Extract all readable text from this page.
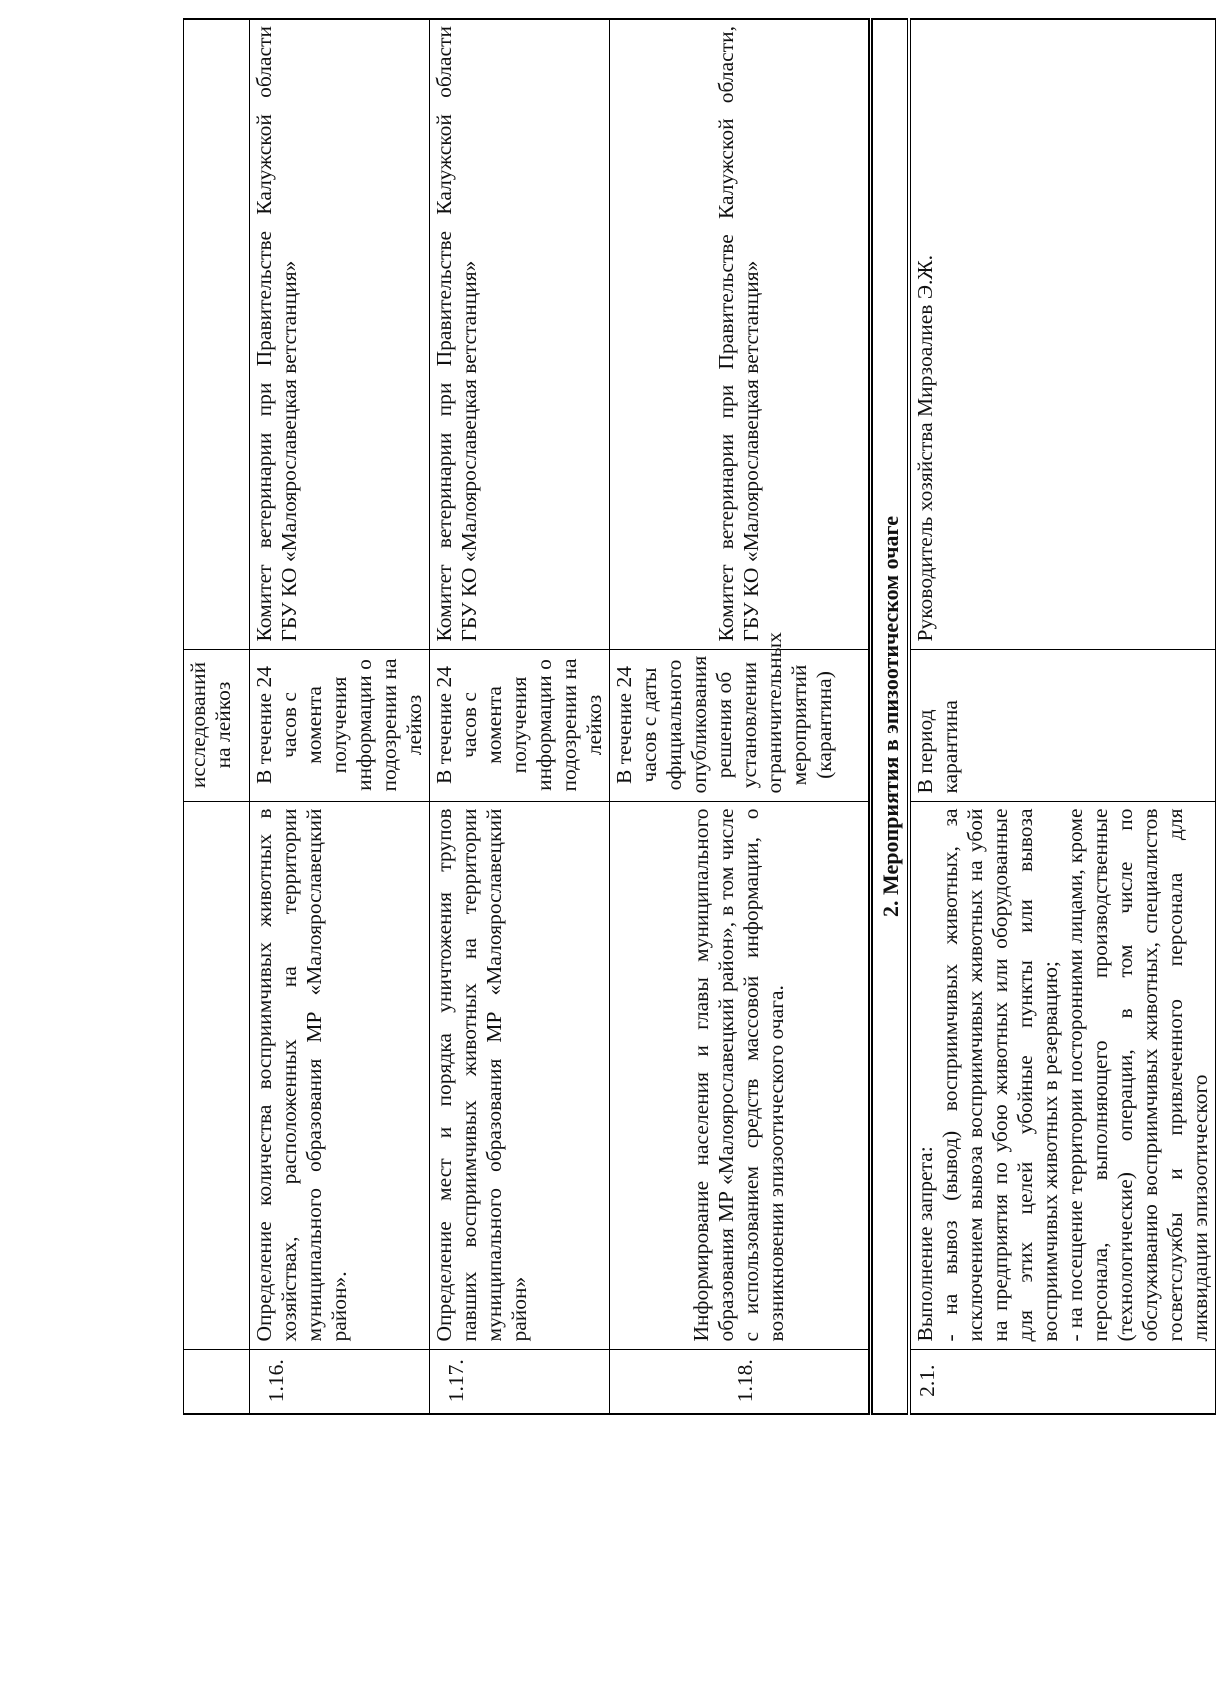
		исследований на лейкоз	
1.16.	Определение количества восприимчивых животных в хозяйствах, расположенных на территории муниципального образования МР «Малоярославецкий район».	В течение 24 часов с момента получения информации о подозрении на лейкоз	Комитет ветеринарии при Правительстве Калужской области ГБУ КО «Малоярославецкая ветстанция»

1.17.	Определение мест и порядка уничтожения трупов павших восприимчивых животных на территории муниципального образования МР «Малоярославецкий район»	В течение 24 часов с момента получения информации о подозрении на лейкоз	Комитет ветеринарии при Правительстве Калужской области ГБУ КО «Малоярославецкая ветстанция»

1.18.	Информирование населения и главы муниципального образования МР «Малоярославецкий район», в том числе с использованием средств массовой информации, о возникновении эпизоотического очага.	В течение 24 часов с даты официального опубликования решения об установлении ограничительных мероприятий (карантина)	Комитет ветеринарии при Правительстве Калужской области, ГБУ КО «Малоярославецкая ветстанция»

2. Мероприятия в эпизоотическом очаге			
2.1.	Выполнение запрета: - на вывоз (вывод) восприимчивых животных, за исключением вывоза восприимчивых животных на убой на предприятия по убою животных или оборудованные для этих целей убойные пункты или вывоза восприимчивых животных в резервацию; - на посещение территории посторонними лицами, кроме персонала, выполняющего производственные (технологические) операции, в том числе по обслуживанию восприимчивых животных, специалистов госветслужбы и привлеченного персонала для ликвидации эпизоотического	В период карантина	Руководитель хозяйства Мирзоалиев Э.Ж.
